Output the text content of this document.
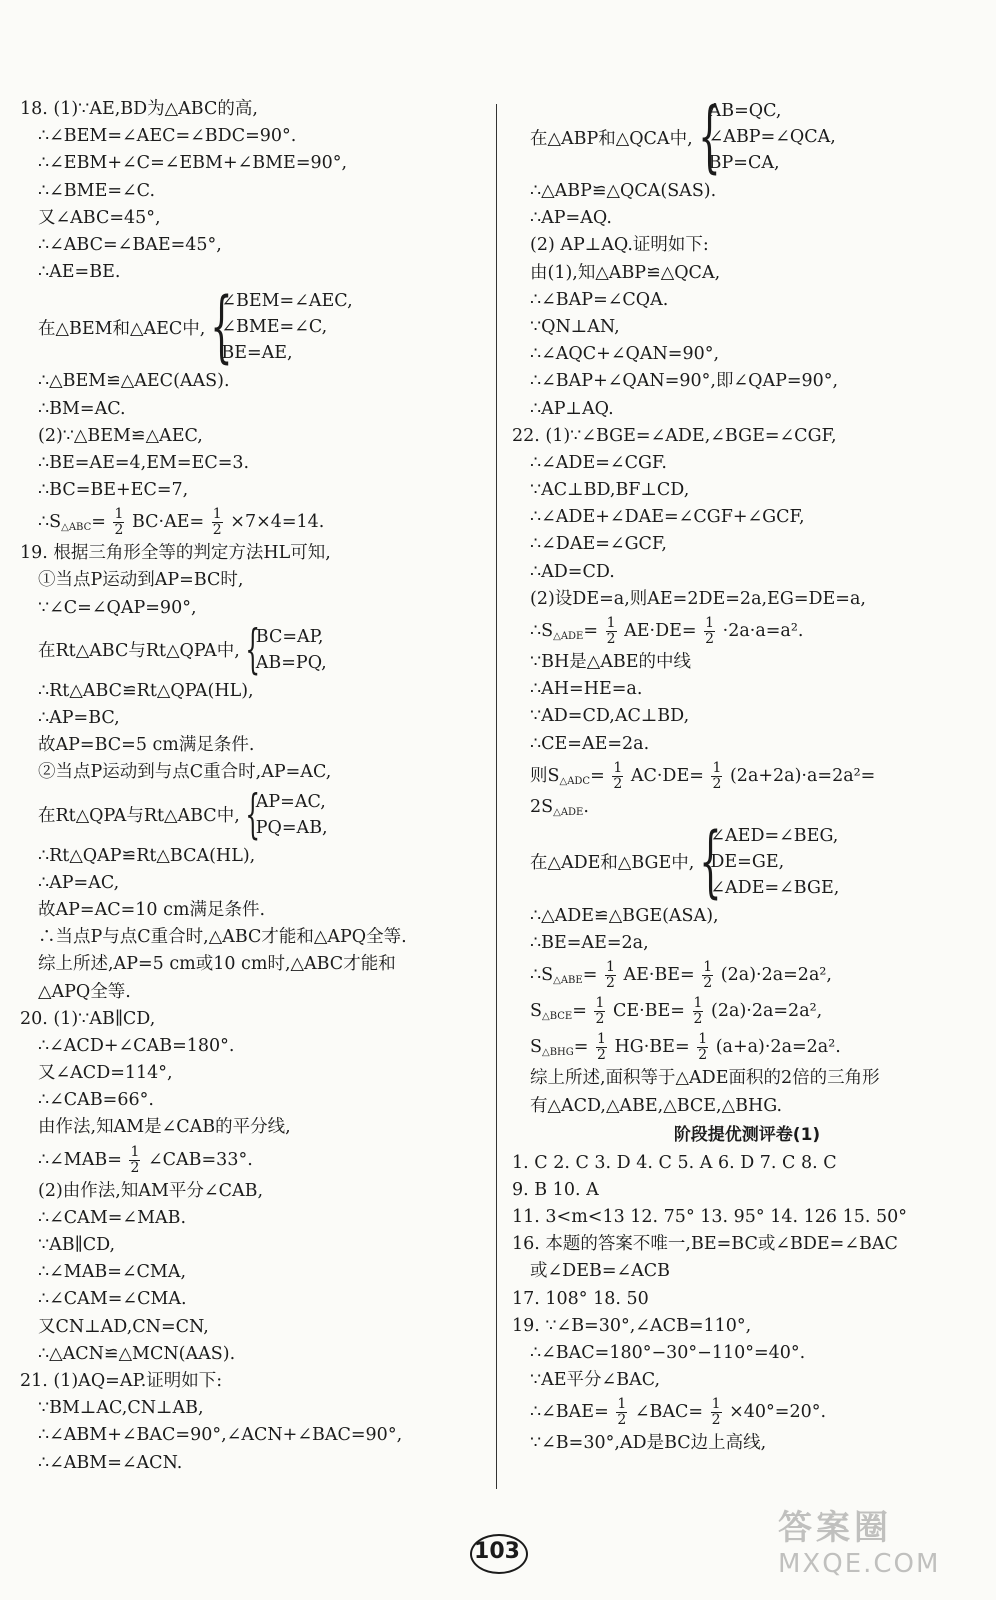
18. (1)∵AE,BD为△ABC的高,
∴∠BEM=∠AEC=∠BDC=90°.
∴∠EBM+∠C=∠EBM+∠BME=90°,
∴∠BME=∠C.
又∠ABC=45°,
∴∠ABC=∠BAE=45°,
∴AE=BE.
在△BEM和△AEC中, {
∠BEM=∠AEC,
∠BME=∠C,
BE=AE,
∴△BEM≌△AEC(AAS).
∴BM=AC.
(2)∵△BEM≌△AEC,
∴BE=AE=4,EM=EC=3.
∴BC=BE+EC=7,
$\therefore S_{\triangle ABC}= \frac{1}{2} BC\cdot AE= \frac{1}{2} \times 7\times 4=14$.
19. 根据三角形全等的判定方法HL可知,
①当点P运动到AP=BC时,
∵∠C=∠QAP=90°,
在Rt△ABC与Rt△QPA中, {
BC=AP,
AB=PQ,
∴Rt△ABC≌Rt△QPA(HL),
∴AP=BC,
故AP=BC=5 cm满足条件.
②当点P运动到与点C重合时,AP=AC,
在Rt△QPA与Rt△ABC中, {
AP=AC,
PQ=AB,
∴Rt△QAP≌Rt△BCA(HL),
∴AP=AC,
故AP=AC=10 cm满足条件.
∴当点P与点C重合时,△ABC才能和△APQ全等.
综上所述,AP=5 cm或10 cm时,△ABC才能和
△APQ全等.
20. (1)∵AB∥CD,
∴∠ACD+∠CAB=180°.
又∠ACD=114°,
∴∠CAB=66°.
由作法,知AM是∠CAB的平分线,
∴∠MAB= $\frac{1}{2}$ ∠CAB=33°.
(2)由作法,知AM平分∠CAB,
∴∠CAM=∠MAB.
∵AB∥CD,
∴∠MAB=∠CMA,
∴∠CAM=∠CMA.
又CN⊥AD,CN=CN,
∴△ACN≌△MCN(AAS).
21. (1)AQ=AP.证明如下:
∵BM⊥AC,CN⊥AB,
∴∠ABM+∠BAC=90°,∠ACN+∠BAC=90°,
∴∠ABM=∠ACN.
在△ABP和△QCA中, {
AB=QC,
∠ABP=∠QCA,
BP=CA,
∴△ABP≌△QCA(SAS).
∴AP=AQ.
(2) AP⊥AQ.证明如下:
由(1),知△ABP≌△QCA,
∴∠BAP=∠CQA.
∵QN⊥AN,
∴∠AQC+∠QAN=90°,
∴∠BAP+∠QAN=90°,即∠QAP=90°,
∴AP⊥AQ.
22. (1)∵∠BGE=∠ADE,∠BGE=∠CGF,
∴∠ADE=∠CGF.
∵AC⊥BD,BF⊥CD,
∴∠ADE+∠DAE=∠CGF+∠GCF,
∴∠DAE=∠GCF,
∴AD=CD.
(2)设DE=a,则AE=2DE=2a,EG=DE=a,
$\therefore S_{\triangle ADE}= \frac{1}{2} AE\cdot DE= \frac{1}{2} \cdot 2a\cdot a=a^2$.
∵BH是△ABE的中线
∴AH=HE=a.
∵AD=CD,AC⊥BD,
∴CE=AE=2a.
则$S_{\triangle ADC}= \frac{1}{2} AC\cdot DE= \frac{1}{2} (2a+2a)\cdot a=2a^2=$
$2S_{\triangle ADE}$.
在△ADE和△BGE中, {
∠AED=∠BEG,
DE=GE,
∠ADE=∠BGE,
∴△ADE≌△BGE(ASA),
∴BE=AE=2a,
$\therefore S_{\triangle ABE}= \frac{1}{2} AE\cdot BE= \frac{1}{2} (2a)\cdot 2a=2a^2$,
$S_{\triangle BCE}= \frac{1}{2} CE\cdot BE= \frac{1}{2} (2a)\cdot 2a=2a^2$,
$S_{\triangle BHG}= \frac{1}{2} HG\cdot BE= \frac{1}{2} (a+a)\cdot 2a=2a^2$.
综上所述,面积等于△ADE面积的2倍的三角形
有△ACD,△ABE,△BCE,△BHG.
阶段提优测评卷(1)
1. C 2. C 3. D 4. C 5. A 6. D 7. C 8. C
9. B 10. A
11. 3<m<13 12. 75° 13. 95° 14. 126 15. 50°
16. 本题的答案不唯一,BE=BC或∠BDE=∠BAC
或∠DEB=∠ACB
17. 108° 18. 50
19. ∵∠B=30°,∠ACB=110°,
∴∠BAC=180°−30°−110°=40°.
∵AE平分∠BAC,
∴∠BAE= $\frac{1}{2}$ ∠BAC= $\frac{1}{2} \times 40^\circ=20^\circ$.
∵∠B=30°,AD是BC边上高线,
103
答案圈
MXQE.COM
